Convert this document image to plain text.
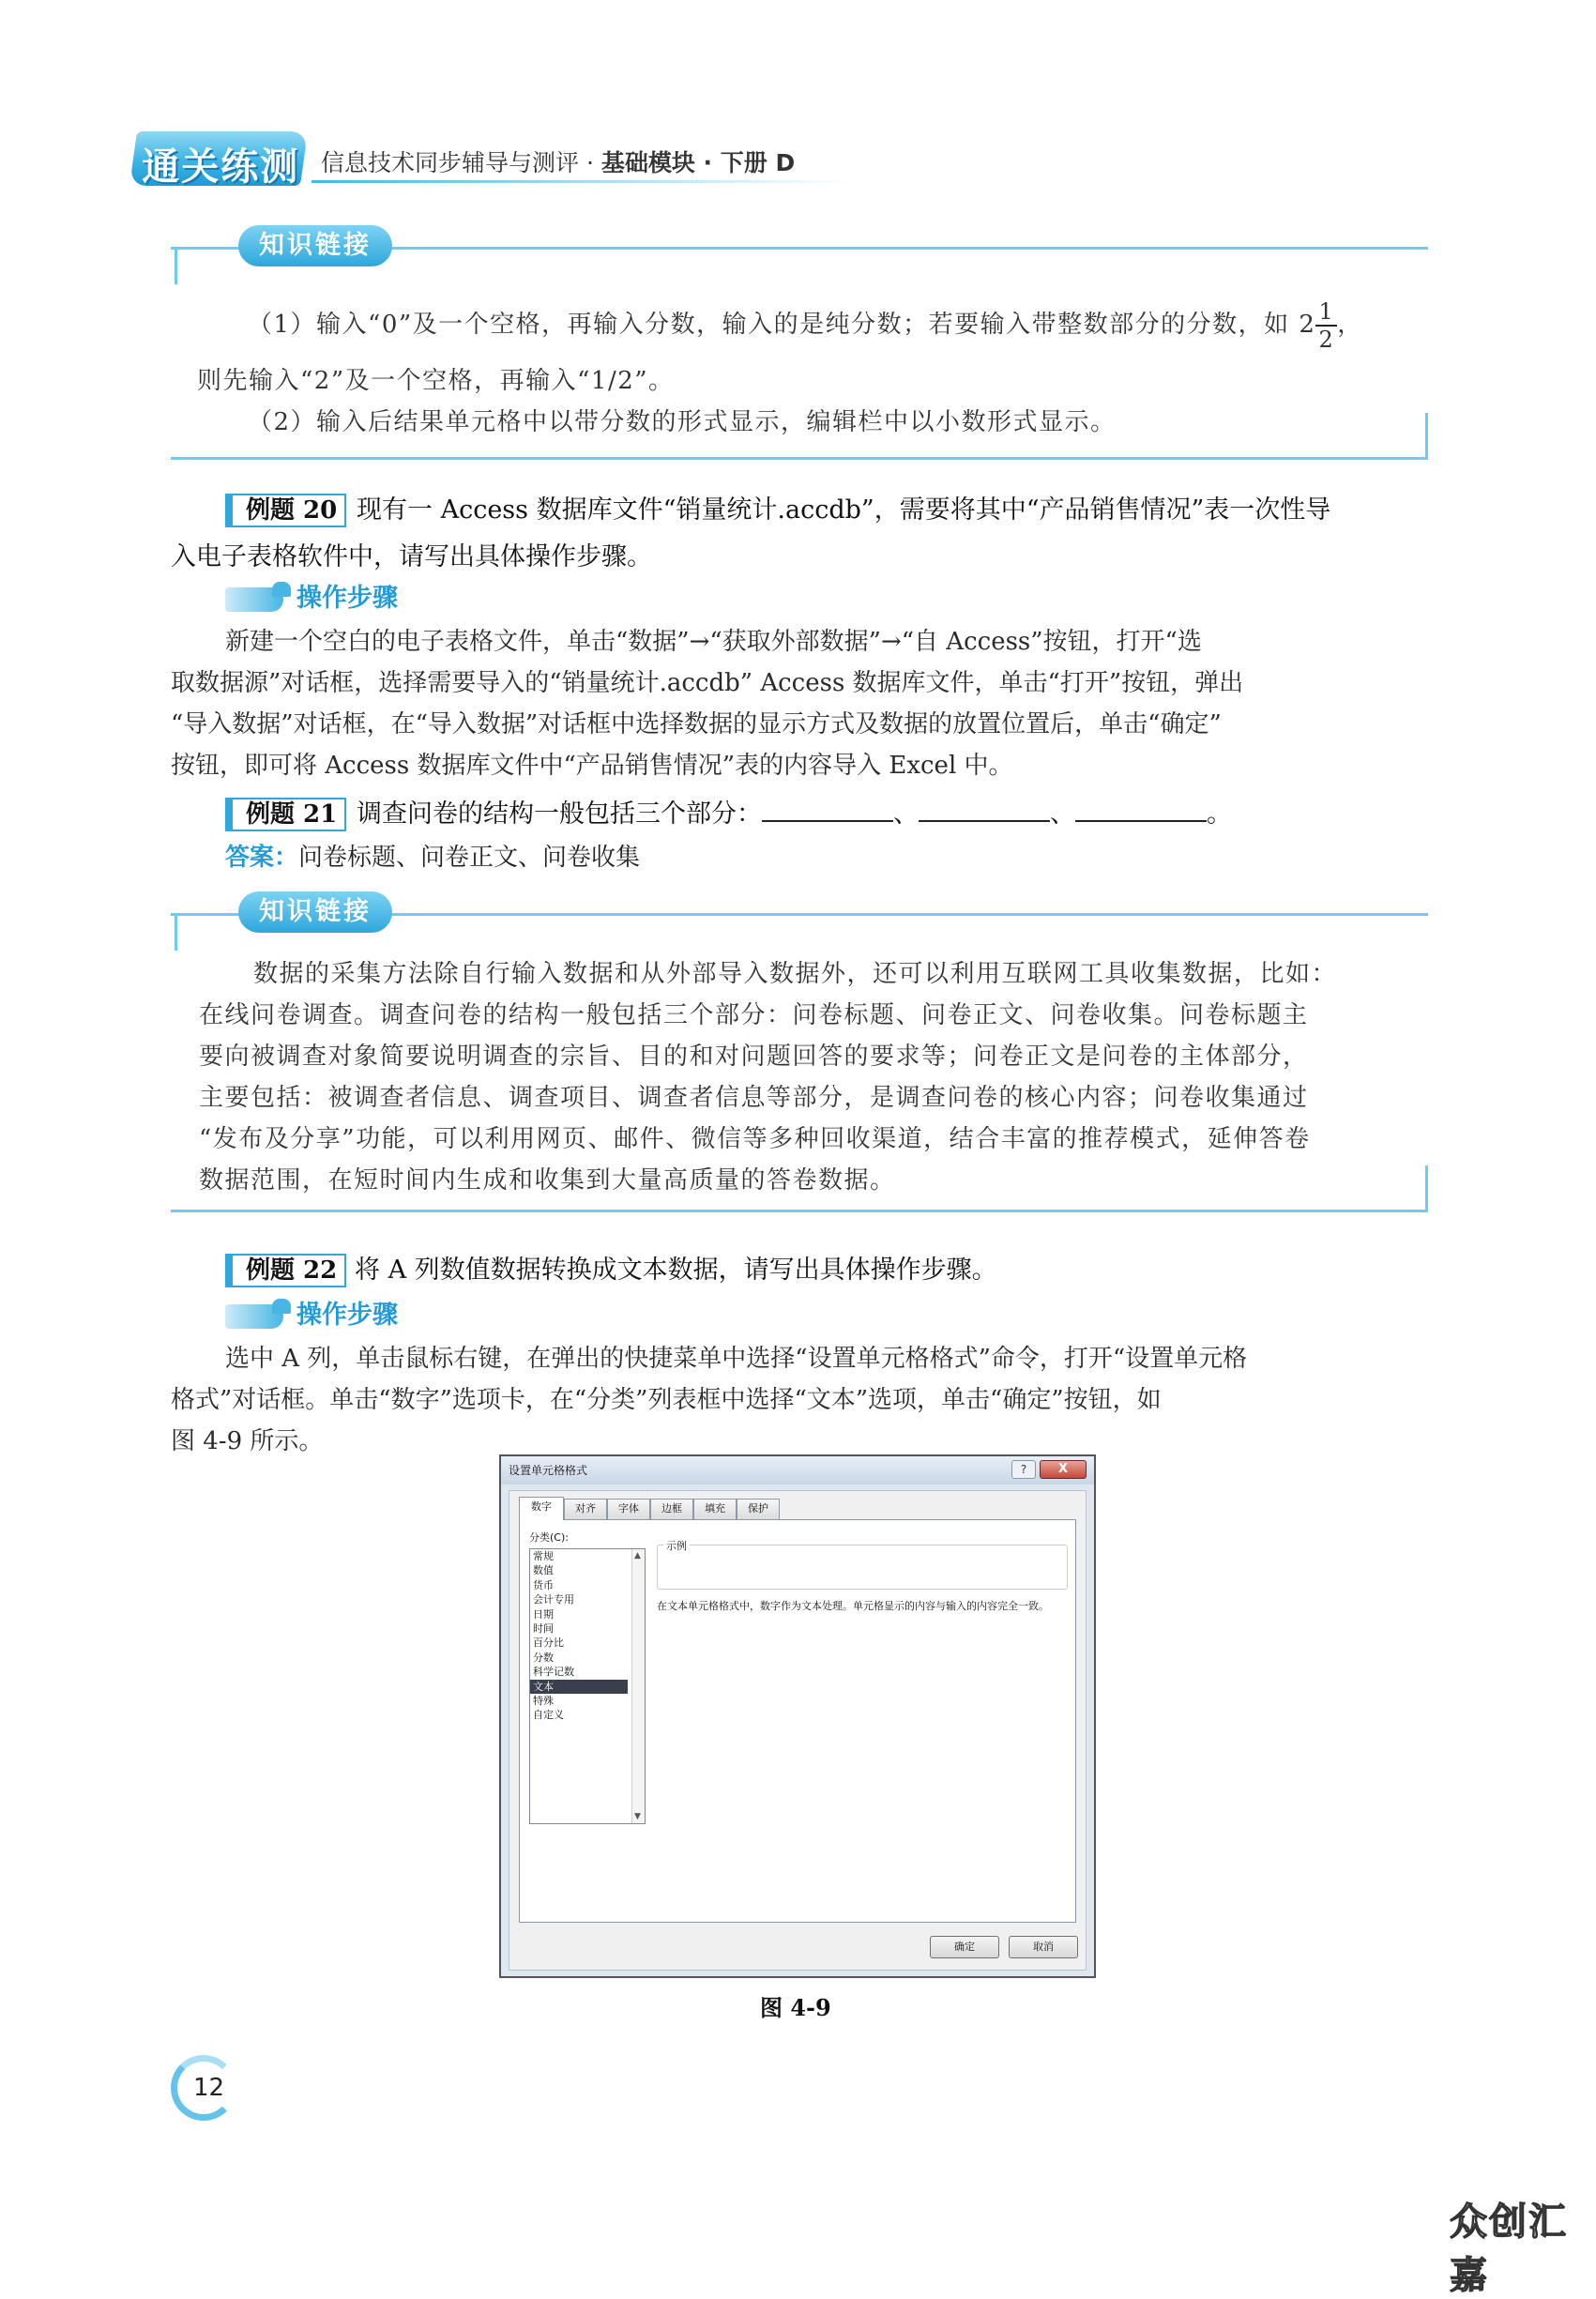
通关练测 信息技术同步辅导与测评 · 基础模块 · 下册 D
知识链接
（1）输入“0”及一个空格，再输入分数，输入的是纯分数；若要输入带整数部分的分数，如 $2 \frac{1}{2}$ ，
则先输入“2”及一个空格，再输入“1/2”。
（2）输入后结果单元格中以带分数的形式显示，编辑栏中以小数形式显示。
例题 20 现有一 Access 数据库文件“销量统计.accdb”，需要将其中“产品销售情况”表一次性导
入电子表格软件中，请写出具体操作步骤。
操作步骤
新建一个空白的电子表格文件，单击“数据”→“获取外部数据”→“自 Access”按钮，打开“选
取数据源”对话框，选择需要导入的“销量统计.accdb” Access 数据库文件，单击“打开”按钮，弹出
“导入数据”对话框，在“导入数据”对话框中选择数据的显示方式及数据的放置位置后，单击“确定”
按钮，即可将 Access 数据库文件中“产品销售情况”表的内容导入 Excel 中。
例题 21 调查问卷的结构一般包括三个部分：	、	、	。
答案：问卷标题、问卷正文、问卷收集
知识链接
数据的采集方法除自行输入数据和从外部导入数据外，还可以利用互联网工具收集数据，比如：
在线问卷调查。调查问卷的结构一般包括三个部分：问卷标题、问卷正文、问卷收集。问卷标题主
要向被调查对象简要说明调查的宗旨、目的和对问题回答的要求等；问卷正文是问卷的主体部分，
主要包括：被调查者信息、调查项目、调查者信息等部分，是调查问卷的核心内容；问卷收集通过
“发布及分享”功能，可以利用网页、邮件、微信等多种回收渠道，结合丰富的推荐模式，延伸答卷
数据范围，在短时间内生成和收集到大量高质量的答卷数据。
例题 22 将 A 列数值数据转换成文本数据，请写出具体操作步骤。
操作步骤
选中 A 列，单击鼠标右键，在弹出的快捷菜单中选择“设置单元格格式”命令，打开“设置单元格
格式”对话框。单击“数字”选项卡，在“分类”列表框中选择“文本”选项，单击“确定”按钮，如
图 4-9 所示。
设置单元格格式	?	X
数字	对齐	字体	边框	填充	保护
分类(C):
常规
数值
货币
会计专用
日期
时间
百分比
分数
科学记数
文本
特殊
自定义
▲
▼
示例
在文本单元格格式中，数字作为文本处理。单元格显示的内容与输入的内容完全一致。
确定	取消
图 4-9
12
众创汇嘉
